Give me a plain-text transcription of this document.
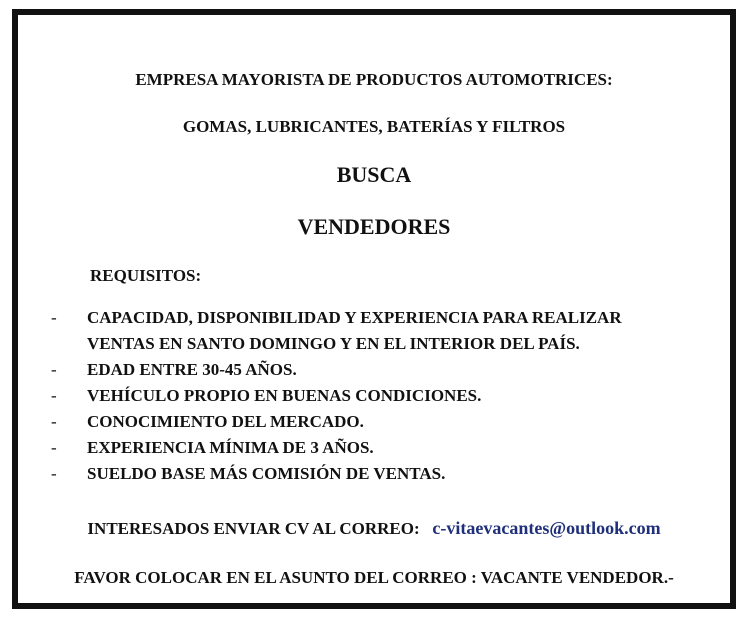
EMPRESA MAYORISTA DE PRODUCTOS AUTOMOTRICES:
GOMAS, LUBRICANTES, BATERÍAS Y FILTROS
BUSCA
VENDEDORES
REQUISITOS:
- CAPACIDAD, DISPONIBILIDAD Y EXPERIENCIA PARA REALIZAR
VENTAS EN SANTO DOMINGO Y EN EL INTERIOR DEL PAÍS.
- EDAD ENTRE 30-45 AÑOS.
- VEHÍCULO PROPIO EN BUENAS CONDICIONES.
- CONOCIMIENTO DEL MERCADO.
- EXPERIENCIA MÍNIMA DE 3 AÑOS.
- SUELDO BASE MÁS COMISIÓN DE VENTAS.
INTERESADOS ENVIAR CV AL CORREO: c-vitaevacantes@outlook.com
FAVOR COLOCAR EN EL ASUNTO DEL CORREO : VACANTE VENDEDOR.-
